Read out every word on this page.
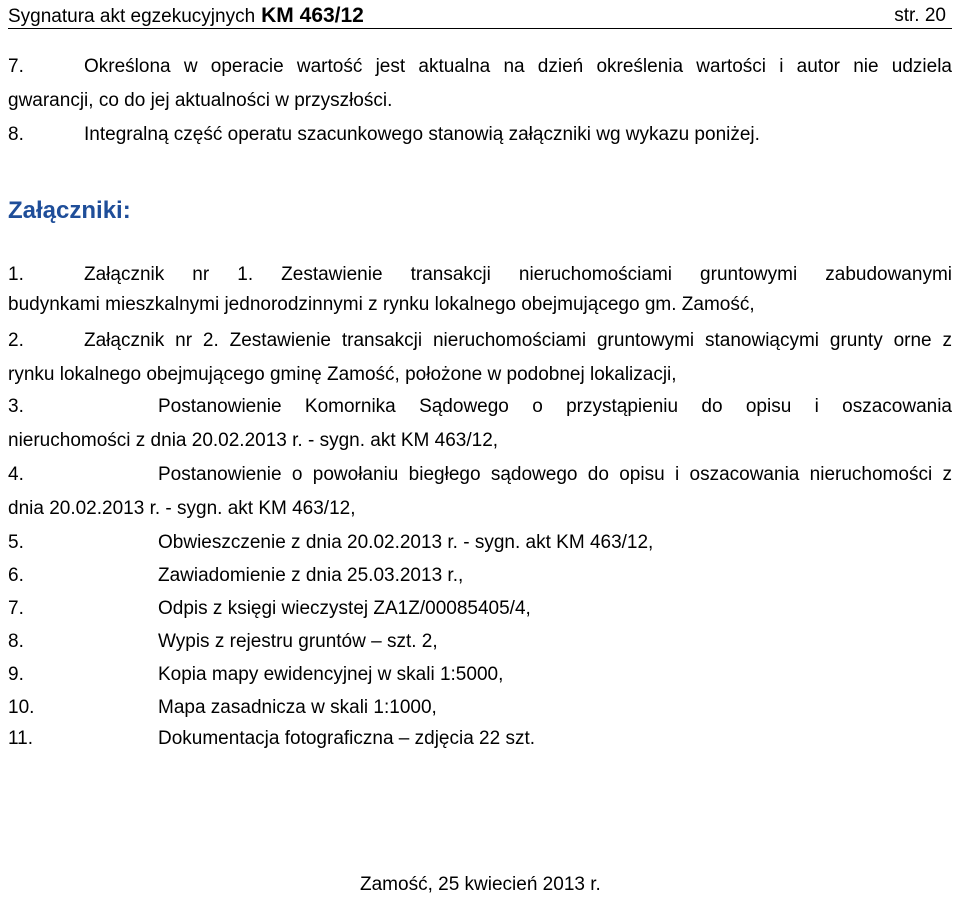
Sygnatura akt egzekucyjnych KM 463/12	str. 20
7.	Określona w operacie wartość jest aktualna na dzień określenia wartości i autor nie udziela
gwarancji, co do jej aktualności w przyszłości.
8.	Integralną część operatu szacunkowego stanowią załączniki wg wykazu poniżej.
Załączniki:
1.	Załącznik nr 1. Zestawienie transakcji nieruchomościami gruntowymi zabudowanymi
budynkami mieszkalnymi jednorodzinnymi z rynku lokalnego obejmującego gm. Zamość,
2.	Załącznik nr 2. Zestawienie transakcji nieruchomościami gruntowymi stanowiącymi grunty orne z
rynku lokalnego obejmującego gminę Zamość, położone w podobnej lokalizacji,
3.	Postanowienie Komornika Sądowego o przystąpieniu do opisu i oszacowania
nieruchomości z dnia 20.02.2013 r. - sygn. akt KM 463/12,
4.	Postanowienie o powołaniu biegłego sądowego do opisu i oszacowania nieruchomości z
dnia 20.02.2013 r. - sygn. akt KM 463/12,
5.	Obwieszczenie z dnia 20.02.2013 r. - sygn. akt KM 463/12,
6.	Zawiadomienie z dnia 25.03.2013 r.,
7.	Odpis z księgi wieczystej ZA1Z/00085405/4,
8.	Wypis z rejestru gruntów – szt. 2,
9.	Kopia mapy ewidencyjnej w skali 1:5000,
10.	Mapa zasadnicza w skali 1:1000,
11.	Dokumentacja fotograficzna – zdjęcia 22 szt.
Zamość, 25 kwiecień 2013 r.
